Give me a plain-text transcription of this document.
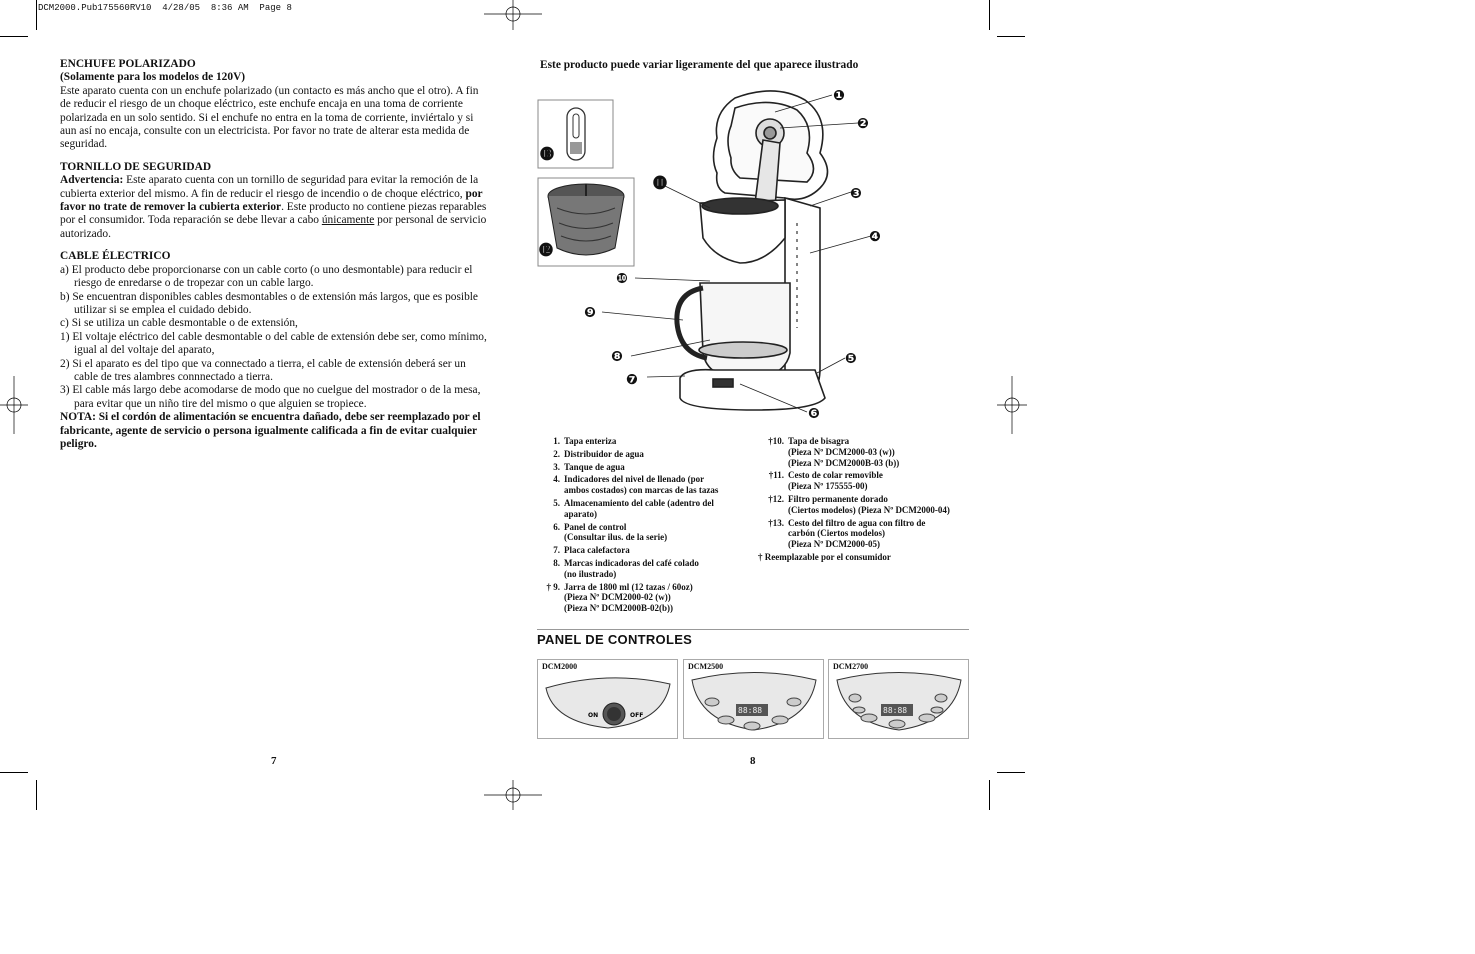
DCM2000.Pub175560RV10  4/28/05  8:36 AM  Page 8
ENCHUFE POLARIZADO
(Solamente para los modelos de 120V)

Este aparato cuenta con un enchufe polarizado (un contacto es más ancho que el otro). A fin de reducir el riesgo de un choque eléctrico, este enchufe encaja en una toma de corriente polarizada en un solo sentido. Si el enchufe no entra en la toma de corriente, inviértalo y si aun así no encaja, consulte con un electricista. Por favor no trate de alterar esta medida de seguridad.

TORNILLO DE SEGURIDAD

Advertencia: Este aparato cuenta con un tornillo de seguridad para evitar la remoción de la cubierta exterior del mismo. A fin de reducir el riesgo de incendio o de choque eléctrico, por favor no trate de remover la cubierta exterior. Este producto no contiene piezas reparables por el consumidor. Toda reparación se debe llevar a cabo únicamente por personal de servicio autorizado.

CABLE ÉLECTRICO

a) El producto debe proporcionarse con un cable corto (o uno desmontable) para reducir el riesgo de enredarse o de tropezar con un cable largo.

b) Se encuentran disponibles cables desmontables o de extensión más largos, que es posible utilizar si se emplea el cuidado debido.

c) Si se utiliza un cable desmontable o de extensión,

1) El voltaje eléctrico del cable desmontable o del cable de extensión debe ser, como mínimo, igual al del voltaje del aparato,

2) Si el aparato es del tipo que va connectado a tierra, el cable de extensión deberá ser un cable de tres alambres connnectado a tierra.

3) El cable más largo debe acomodarse de modo que no cuelgue del mostrador o de la mesa, para evitar que un niño tire del mismo o que alguien se tropiece.

NOTA: Si el cordón de alimentación se encuentra dañado, debe ser reemplazado por el fabricante, agente de servicio o persona igualmente calificada a fin de evitar cualquier peligro.

Este producto puede variar ligeramente del que aparece ilustrado
❶
❷
❸
❹
❺
❻
❼
❽
❾
❿
⓫
⓬
⓭
1. Tapa enteriza
2. Distribuidor de agua
3. Tanque de agua
4. Indicadores del nivel de llenado (por
ambos costados) con marcas de las tazas
5. Almacenamiento del cable (adentro del
aparato)
6. Panel de control
(Consultar ilus. de la serie)
7. Placa calefactora
8. Marcas indicadoras del café colado
(no ilustrado)
† 9. Jarra de 1800 ml (12 tazas / 60oz)
(Pieza Nº DCM2000-02 (w))
(Pieza Nº DCM2000B-02(b))
†10. Tapa de bisagra
(Pieza Nº DCM2000-03 (w))
(Pieza Nº DCM2000B-03 (b))
†11. Cesto de colar removible
(Pieza Nº 175555-00)
†12. Filtro permanente dorado
(Ciertos modelos) (Pieza Nº DCM2000-04)
†13. Cesto del filtro de agua con filtro de
carbón (Ciertos modelos)
(Pieza Nº DCM2000-05)
† Reemplazable por el consumidor
PANEL DE CONTROLES
DCM2000
ON	OFF
DCM2500
88:88
DCM2700
88:88
7	8
